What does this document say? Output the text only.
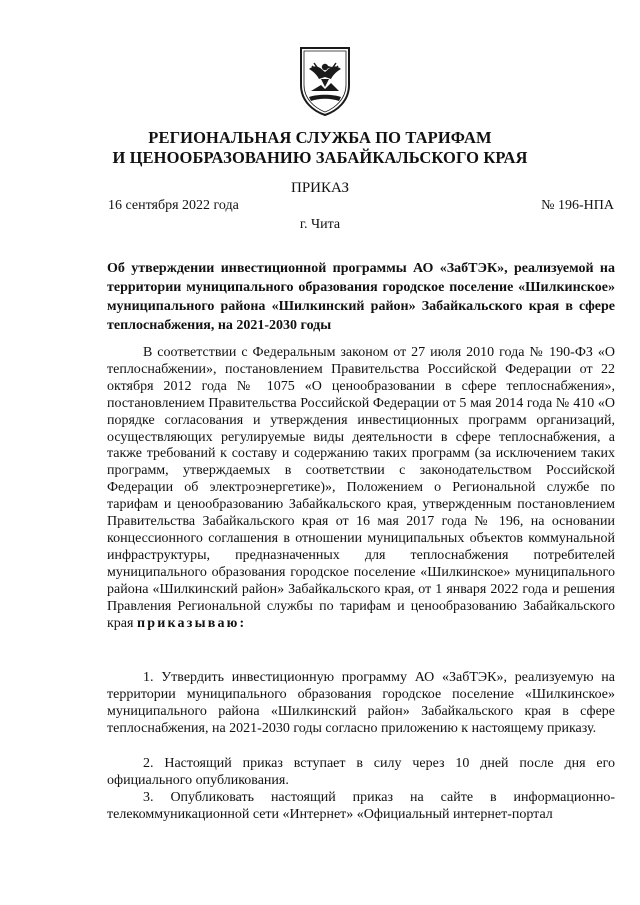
РЕГИОНАЛЬНАЯ СЛУЖБА ПО ТАРИФАМ
И ЦЕНООБРАЗОВАНИЮ ЗАБАЙКАЛЬСКОГО КРАЯ
ПРИКАЗ
16 сентября 2022 года	№ 196-НПА
г. Чита
Об утверждении инвестиционной программы АО «ЗабТЭК», реализуемой на территории муниципального образования городское поселение «Шилкинское» муниципального района «Шилкинский район» Забайкальского края в сфере теплоснабжения, на 2021-2030 годы

В соответствии с Федеральным законом от 27 июля 2010 года № 190-ФЗ «О теплоснабжении», постановлением Правительства Российской Федерации от 22 октября 2012 года № 1075 «О ценообразовании в сфере теплоснабжения», постановлением Правительства Российской Федерации от 5 мая 2014 года № 410 «О порядке согласования и утверждения инвестиционных программ организаций, осуществляющих регулируемые виды деятельности в сфере теплоснабжения, а также требований к составу и содержанию таких программ (за исключением таких программ, утверждаемых в соответствии с законодательством Российской Федерации об электроэнергетике)», Положением о Региональной службе по тарифам и ценообразованию Забайкальского края, утвержденным постановлением Правительства Забайкальского края от 16 мая 2017 года № 196, на основании концессионного соглашения в отношении муниципальных объектов коммунальной инфраструктуры, предназначенных для теплоснабжения потребителей муниципального образования городское поселение «Шилкинское» муниципального района «Шилкинский район» Забайкальского края, от 1 января 2022 года и решения Правления Региональной службы по тарифам и ценообразованию Забайкальского края приказываю:

1. Утвердить инвестиционную программу АО «ЗабТЭК», реализуемую на территории муниципального образования городское поселение «Шилкинское» муниципального района «Шилкинский район» Забайкальского края в сфере теплоснабжения, на 2021-2030 годы согласно приложению к настоящему приказу.

2. Настоящий приказ вступает в силу через 10 дней после дня его официального опубликования.

3. Опубликовать настоящий приказ на сайте в информационно-телекоммуникационной сети «Интернет» «Официальный интернет-портал
